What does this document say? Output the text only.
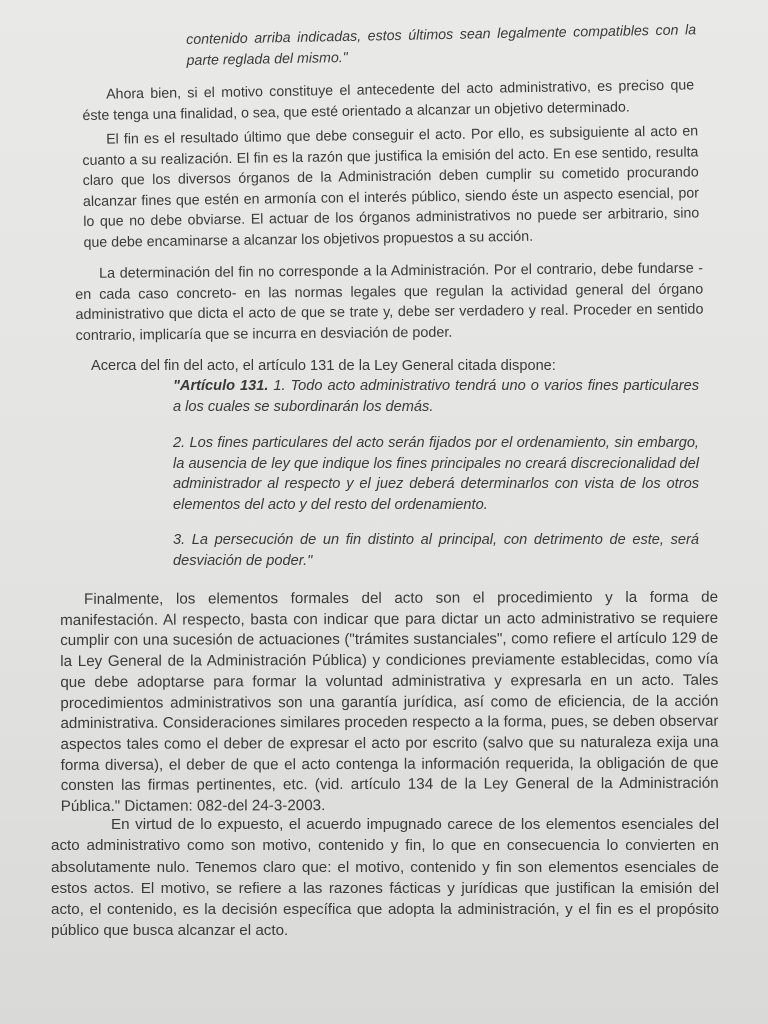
contenido arriba indicadas, estos últimos sean legalmente compatibles con la parte reglada del mismo."

Ahora bien, si el motivo constituye el antecedente del acto administrativo, es preciso que éste tenga una finalidad, o sea, que esté orientado a alcanzar un objetivo determinado.

El fin es el resultado último que debe conseguir el acto. Por ello, es subsiguiente al acto en cuanto a su realización. El fin es la razón que justifica la emisión del acto. En ese sentido, resulta claro que los diversos órganos de la Administración deben cumplir su cometido procurando alcanzar fines que estén en armonía con el interés público, siendo éste un aspecto esencial, por lo que no debe obviarse. El actuar de los órganos administrativos no puede ser arbitrario, sino que debe encaminarse a alcanzar los objetivos propuestos a su acción.

La determinación del fin no corresponde a la Administración. Por el contrario, debe fundarse - en cada caso concreto- en las normas legales que regulan la actividad general del órgano administrativo que dicta el acto de que se trate y, debe ser verdadero y real. Proceder en sentido contrario, implicaría que se incurra en desviación de poder.

Acerca del fin del acto, el artículo 131 de la Ley General citada dispone:

"Artículo 131. 1. Todo acto administrativo tendrá uno o varios fines particulares a los cuales se subordinarán los demás.

2. Los fines particulares del acto serán fijados por el ordenamiento, sin embargo, la ausencia de ley que indique los fines principales no creará discrecionalidad del administrador al respecto y el juez deberá determinarlos con vista de los otros elementos del acto y del resto del ordenamiento.

3. La persecución de un fin distinto al principal, con detrimento de este, será desviación de poder."

Finalmente, los elementos formales del acto son el procedimiento y la forma de manifestación. Al respecto, basta con indicar que para dictar un acto administrativo se requiere cumplir con una sucesión de actuaciones ("trámites sustanciales", como refiere el artículo 129 de la Ley General de la Administración Pública) y condiciones previamente establecidas, como vía que debe adoptarse para formar la voluntad administrativa y expresarla en un acto. Tales procedimientos administrativos son una garantía jurídica, así como de eficiencia, de la acción administrativa. Consideraciones similares proceden respecto a la forma, pues, se deben observar aspectos tales como el deber de expresar el acto por escrito (salvo que su naturaleza exija una forma diversa), el deber de que el acto contenga la información requerida, la obligación de que consten las firmas pertinentes, etc. (vid. artículo 134 de la Ley General de la Administración Pública." Dictamen: 082-del 24-3-2003.

En virtud de lo expuesto, el acuerdo impugnado carece de los elementos esenciales del acto administrativo como son motivo, contenido y fin, lo que en consecuencia lo convierten en absolutamente nulo. Tenemos claro que: el motivo, contenido y fin son elementos esenciales de estos actos. El motivo, se refiere a las razones fácticas y jurídicas que justifican la emisión del acto, el contenido, es la decisión específica que adopta la administración, y el fin es el propósito público que busca alcanzar el acto.
